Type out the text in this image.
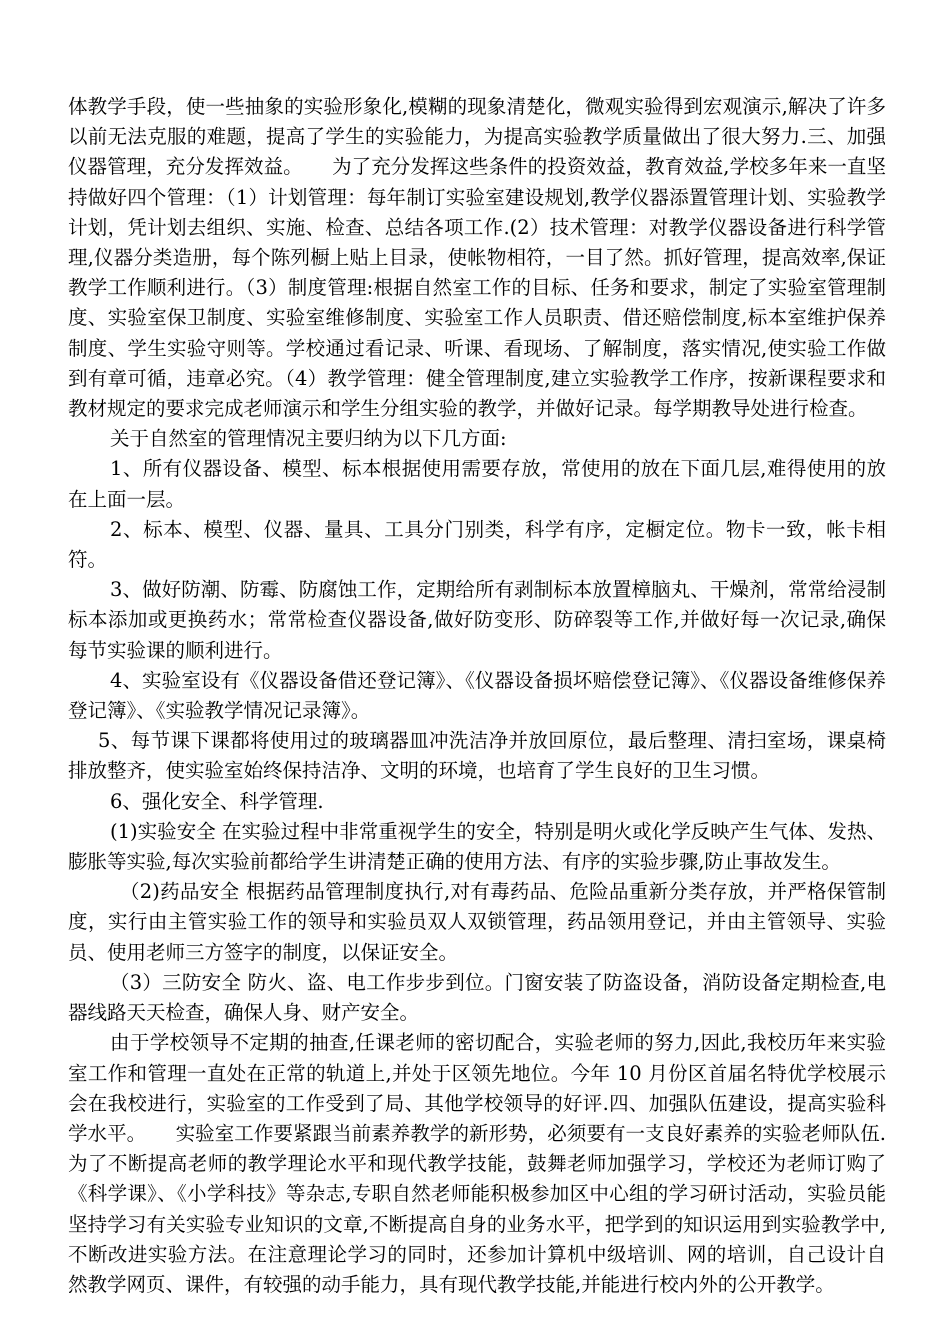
体教学手段，使一些抽象的实验形象化,模糊的现象清楚化，微观实验得到宏观演示,解决了许多以前无法克服的难题，提高了学生的实验能力，为提高实验教学质量做出了很大努力.三、加强仪器管理，充分发挥效益。　　为了充分发挥这些条件的投资效益，教育效益,学校多年来一直坚持做好四个管理：（1）计划管理：每年制订实验室建设规划,教学仪器添置管理计划、实验教学计划，凭计划去组织、实施、检查、总结各项工作.(2）技术管理：对教学仪器设备进行科学管理,仪器分类造册，每个陈列橱上贴上目录，使帐物相符，一目了然。抓好管理，提高效率,保证教学工作顺利进行。（3）制度管理:根据自然室工作的目标、任务和要求，制定了实验室管理制度、实验室保卫制度、实验室维修制度、实验室工作人员职责、借还赔偿制度,标本室维护保养制度、学生实验守则等。学校通过看记录、听课、看现场、了解制度，落实情况,使实验工作做到有章可循，违章必究。（4）教学管理：健全管理制度,建立实验教学工作序，按新课程要求和教材规定的要求完成老师演示和学生分组实验的教学，并做好记录。每学期教导处进行检查。

关于自然室的管理情况主要归纳为以下几方面:

1、所有仪器设备、模型、标本根据使用需要存放，常使用的放在下面几层,难得使用的放在上面一层。

2、标本、模型、仪器、量具、工具分门别类，科学有序，定橱定位。物卡一致，帐卡相符。

3、做好防潮、防霉、防腐蚀工作，定期给所有剥制标本放置樟脑丸、干燥剂，常常给浸制标本添加或更换药水；常常检查仪器设备,做好防变形、防碎裂等工作,并做好每一次记录,确保每节实验课的顺利进行。

4、实验室设有《仪器设备借还登记簿》、《仪器设备损坏赔偿登记簿》、《仪器设备维修保养登记簿》、《实验教学情况记录簿》。

5、每节课下课都将使用过的玻璃器皿冲洗洁净并放回原位，最后整理、清扫室场，课桌椅排放整齐，使实验室始终保持洁净、文明的环境，也培育了学生良好的卫生习惯。

6、强化安全、科学管理.

(1)实验安全 在实验过程中非常重视学生的安全，特别是明火或化学反映产生气体、发热、膨胀等实验,每次实验前都给学生讲清楚正确的使用方法、有序的实验步骤,防止事故发生。

（2)药品安全 根据药品管理制度执行,对有毒药品、危险品重新分类存放，并严格保管制度，实行由主管实验工作的领导和实验员双人双锁管理，药品领用登记，并由主管领导、实验员、使用老师三方签字的制度，以保证安全。

（3）三防安全 防火、盗、电工作步步到位。门窗安装了防盗设备，消防设备定期检查,电器线路天天检查，确保人身、财产安全。

由于学校领导不定期的抽查,任课老师的密切配合，实验老师的努力,因此,我校历年来实验室工作和管理一直处在正常的轨道上,并处于区领先地位。今年 10 月份区首届名特优学校展示会在我校进行，实验室的工作受到了局、其他学校领导的好评.四、加强队伍建设，提高实验科学水平。　　实验室工作要紧跟当前素养教学的新形势，必须要有一支良好素养的实验老师队伍.为了不断提高老师的教学理论水平和现代教学技能，鼓舞老师加强学习，学校还为老师订购了《科学课》、《小学科技》等杂志,专职自然老师能积极参加区中心组的学习研讨活动，实验员能坚持学习有关实验专业知识的文章,不断提高自身的业务水平，把学到的知识运用到实验教学中,不断改进实验方法。在注意理论学习的同时，还参加计算机中级培训、网的培训，自己设计自然教学网页、课件，有较强的动手能力，具有现代教学技能,并能进行校内外的公开教学。
